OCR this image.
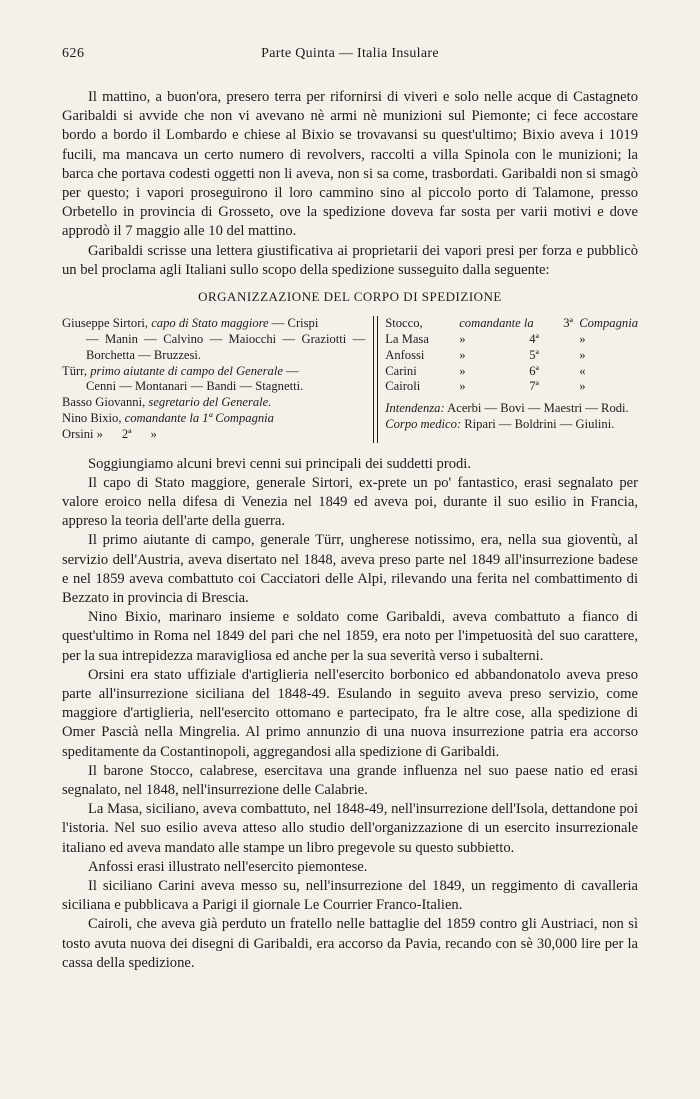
626	Parte Quinta — Italia Insulare

Il mattino, a buon'ora, presero terra per rifornirsi di viveri e solo nelle acque di Castagneto Garibaldi si avvide che non vi avevano nè armi nè munizioni sul Piemonte; ci fece accostare bordo a bordo il Lombardo e chiese al Bixio se trovavansi su quest'ultimo; Bixio aveva i 1019 fucili, ma mancava un certo numero di revolvers, raccolti a villa Spinola con le munizioni; la barca che portava codesti oggetti non li aveva, non si sa come, trasbordati. Garibaldi non si smagò per questo; i vapori proseguirono il loro cammino sino al piccolo porto di Talamone, presso Orbetello in provincia di Grosseto, ove la spedizione doveva far sosta per varii motivi e dove approdò il 7 maggio alle 10 del mattino.

Garibaldi scrisse una lettera giustificativa ai proprietarii dei vapori presi per forza e pubblicò un bel proclama agli Italiani sullo scopo della spedizione susseguito dalla seguente:

ORGANIZZAZIONE DEL CORPO DI SPEDIZIONE
Giuseppe Sirtori, capo di Stato maggiore — Crispi
— Manin — Calvino — Maiocchi — Graziotti — Borchetta — Bruzzesi.
Türr, primo aiutante di campo del Generale —
Cenni — Montanari — Bandi — Stagnetti.
Basso Giovanni, segretario del Generale.
Nino Bixio, comandante la 1ª Compagnia
Orsini »      2ª      »
Stocco,	comandante la	3ª Compagnia
La Masa	»	4ª	»
Anfossi	»	5ª	»
Carini	»	6ª	«
Cairoli	»	7ª	»
Intendenza: Acerbi — Bovi — Maestri — Rodi.
Corpo medico: Ripari — Boldrini — Giulini.

Soggiungiamo alcuni brevi cenni sui principali dei suddetti prodi.

Il capo di Stato maggiore, generale Sirtori, ex-prete un po' fantastico, erasi segnalato per valore eroico nella difesa di Venezia nel 1849 ed aveva poi, durante il suo esilio in Francia, appreso la teoria dell'arte della guerra.

Il primo aiutante di campo, generale Türr, ungherese notissimo, era, nella sua gioventù, al servizio dell'Austria, aveva disertato nel 1848, aveva preso parte nel 1849 all'insurrezione badese e nel 1859 aveva combattuto coi Cacciatori delle Alpi, rilevando una ferita nel combattimento di Bezzato in provincia di Brescia.

Nino Bixio, marinaro insieme e soldato come Garibaldi, aveva combattuto a fianco di quest'ultimo in Roma nel 1849 del pari che nel 1859, era noto per l'impetuosità del suo carattere, per la sua intrepidezza maravigliosa ed anche per la sua severità verso i subalterni.

Orsini era stato uffiziale d'artiglieria nell'esercito borbonico ed abbandonatolo aveva preso parte all'insurrezione siciliana del 1848-49. Esulando in seguito aveva preso servizio, come maggiore d'artiglieria, nell'esercito ottomano e partecipato, fra le altre cose, alla spedizione di Omer Pascià nella Mingrelia. Al primo annunzio di una nuova insurrezione patria era accorso speditamente da Costantinopoli, aggregandosi alla spedizione di Garibaldi.

Il barone Stocco, calabrese, esercitava una grande influenza nel suo paese natio ed erasi segnalato, nel 1848, nell'insurrezione delle Calabrie.

La Masa, siciliano, aveva combattuto, nel 1848-49, nell'insurrezione dell'Isola, dettandone poi l'istoria. Nel suo esilio aveva atteso allo studio dell'organizzazione di un esercito insurrezionale italiano ed aveva mandato alle stampe un libro pregevole su questo subbietto.

Anfossi erasi illustrato nell'esercito piemontese.

Il siciliano Carini aveva messo su, nell'insurrezione del 1849, un reggimento di cavalleria siciliana e pubblicava a Parigi il giornale Le Courrier Franco-Italien.

Cairoli, che aveva già perduto un fratello nelle battaglie del 1859 contro gli Austriaci, non sì tosto avuta nuova dei disegni di Garibaldi, era accorso da Pavia, recando con sè 30,000 lire per la cassa della spedizione.
